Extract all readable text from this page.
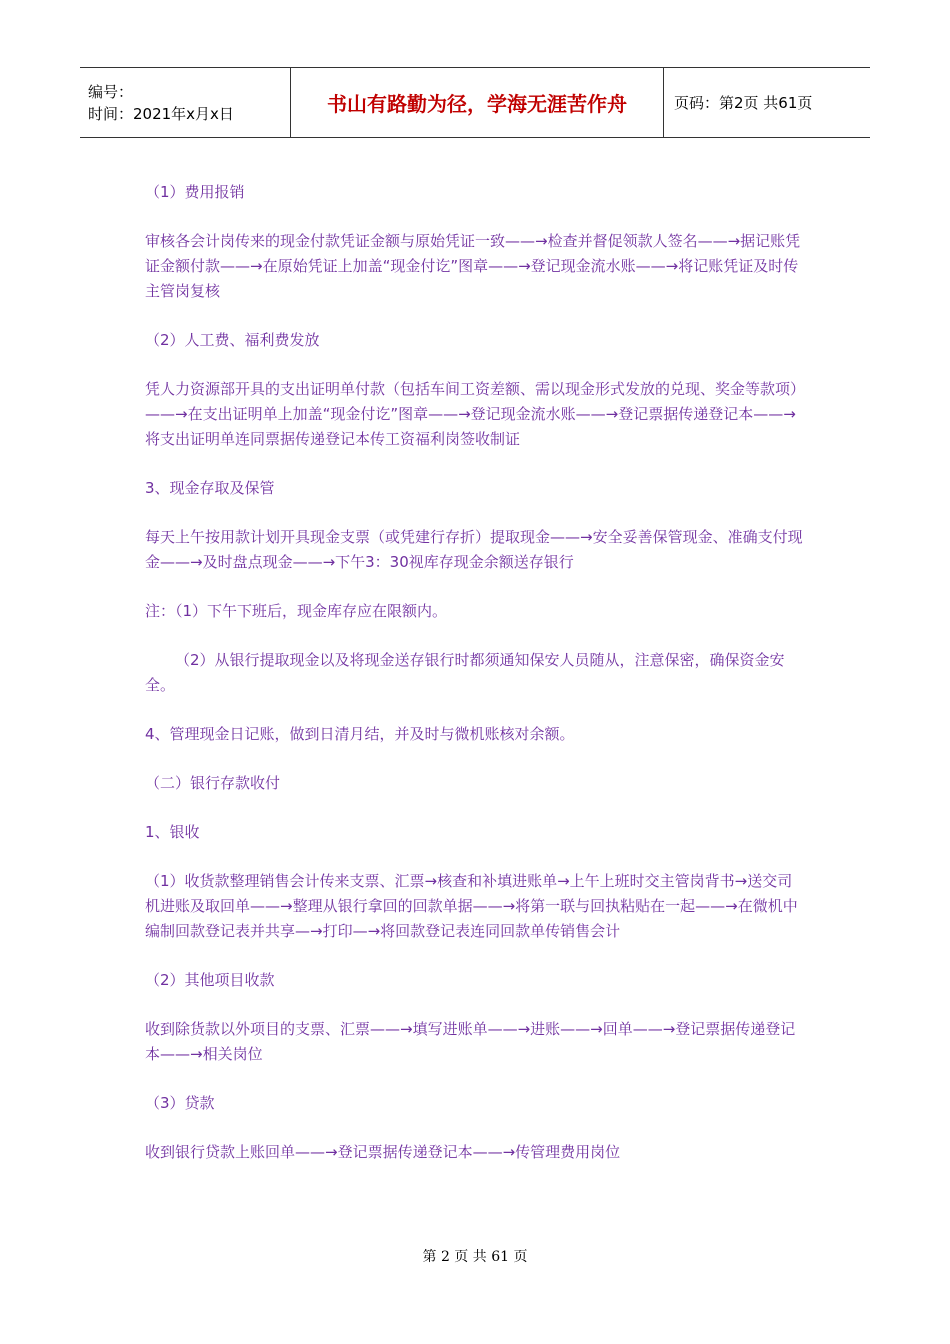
编号：
时间：2021年x月x日	书山有路勤为径，学海无涯苦作舟	页码：第2页 共61页

（1）费用报销

审核各会计岗传来的现金付款凭证金额与原始凭证一致——→检查并督促领款人签名——→据记账凭证金额付款——→在原始凭证上加盖“现金付讫”图章——→登记现金流水账——→将记账凭证及时传主管岗复核

（2）人工费、福利费发放

凭人力资源部开具的支出证明单付款（包括车间工资差额、需以现金形式发放的兑现、奖金等款项）——→在支出证明单上加盖“现金付讫”图章——→登记现金流水账——→登记票据传递登记本——→将支出证明单连同票据传递登记本传工资福利岗签收制证

3、现金存取及保管

每天上午按用款计划开具现金支票（或凭建行存折）提取现金——→安全妥善保管现金、准确支付现金——→及时盘点现金——→下午3：30视库存现金余额送存银行

注：（1）下午下班后，现金库存应在限额内。

（2）从银行提取现金以及将现金送存银行时都须通知保安人员随从，注意保密，确保资金安全。

4、管理现金日记账，做到日清月结，并及时与微机账核对余额。

（二）银行存款收付

1、银收

（1）收货款整理销售会计传来支票、汇票→核查和补填进账单→上午上班时交主管岗背书→送交司机进账及取回单——→整理从银行拿回的回款单据——→将第一联与回执粘贴在一起——→在微机中编制回款登记表并共享—→打印—→将回款登记表连同回款单传销售会计

（2）其他项目收款

收到除货款以外项目的支票、汇票——→填写进账单——→进账——→回单——→登记票据传递登记本——→相关岗位

（3）贷款

收到银行贷款上账回单——→登记票据传递登记本——→传管理费用岗位

第 2 页 共 61 页
